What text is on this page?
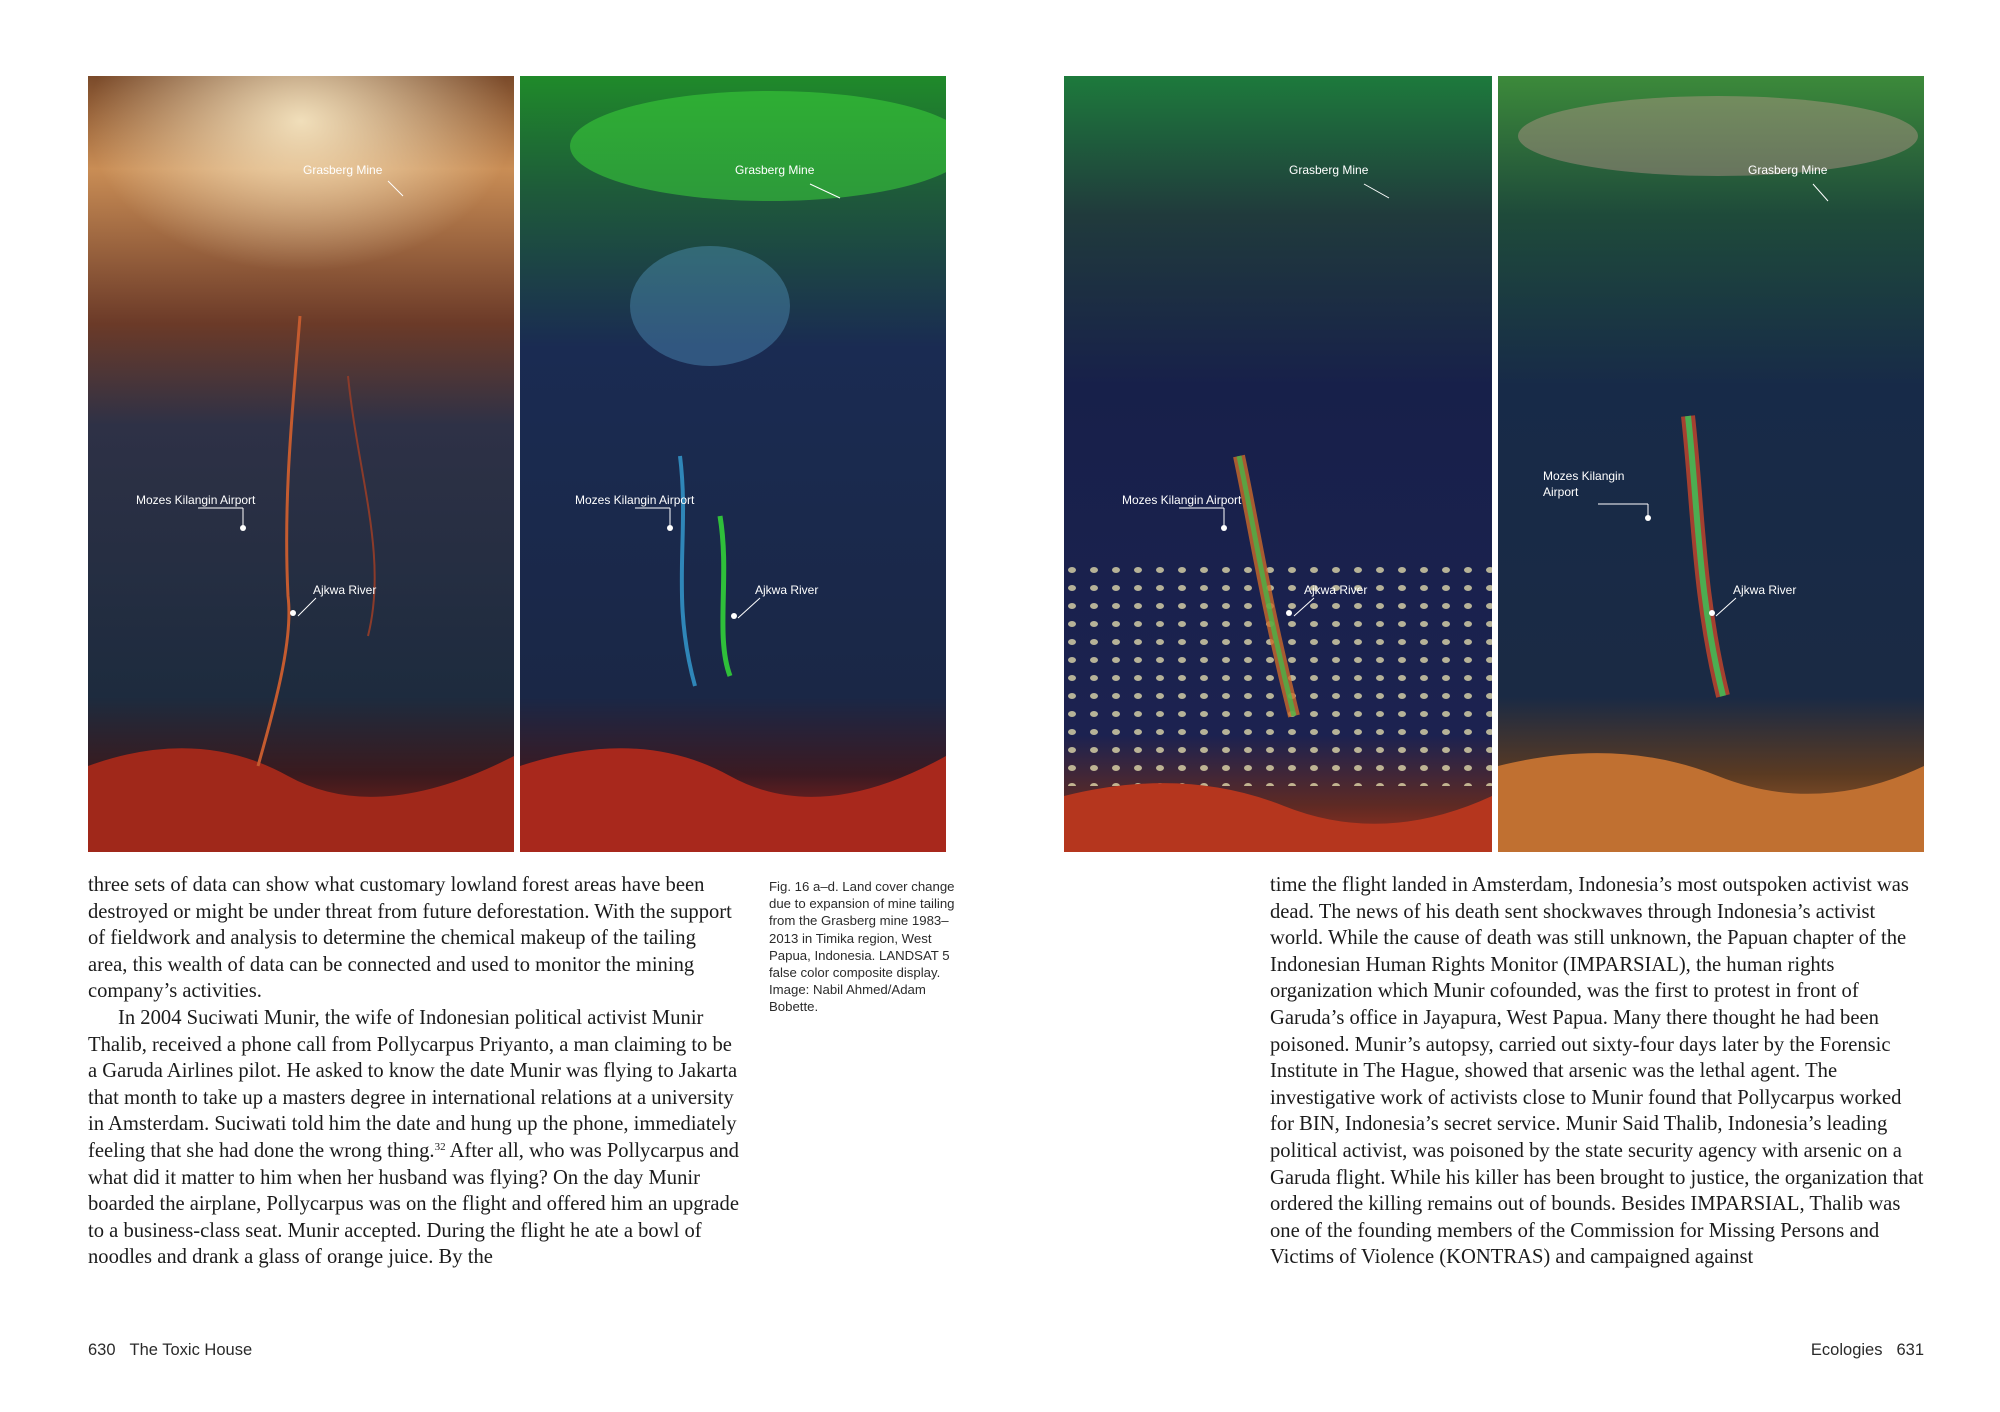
Grasberg Mine
Mozes Kilangin Airport
Ajkwa River
Grasberg Mine
Mozes Kilangin Airport
Ajkwa River
Grasberg Mine
Mozes Kilangin Airport
Ajkwa River
Grasberg Mine
Mozes Kilangin
Airport
Ajkwa River

three sets of data can show what customary lowland forest areas have been destroyed or might be under threat from future deforestation. With the support of fieldwork and analysis to determine the chemical makeup of the tailing area, this wealth of data can be connected and used to monitor the mining company’s activities.

In 2004 Suciwati Munir, the wife of Indonesian political activist Munir Thalib, received a phone call from Pollycarpus Priyanto, a man claiming to be a Garuda Airlines pilot. He asked to know the date Munir was flying to Jakarta that month to take up a masters degree in international relations at a university in Amsterdam. Suciwati told him the date and hung up the phone, immediately feeling that she had done the wrong thing.$^{32}$ After all, who was Pollycarpus and what did it matter to him when her husband was flying? On the day Munir boarded the airplane, Pollycarpus was on the flight and offered him an upgrade to a business-class seat. Munir accepted. During the flight he ate a bowl of noodles and drank a glass of orange juice. By the

Fig. 16 a–d. Land cover change due to expansion of mine tailing from the Grasberg mine 1983–2013 in Timika region, West Papua, Indonesia. LANDSAT 5 false color composite display. Image: Nabil Ahmed/Adam Bobette.

time the flight landed in Amsterdam, Indonesia’s most outspoken activist was dead. The news of his death sent shockwaves through Indonesia’s activist world. While the cause of death was still unknown, the Papuan chapter of the Indonesian Human Rights Monitor (IMPARSIAL), the human rights organization which Munir cofounded, was the first to protest in front of Garuda’s office in Jayapura, West Papua. Many there thought he had been poisoned. Munir’s autopsy, carried out sixty-four days later by the Forensic Institute in The Hague, showed that arsenic was the lethal agent. The investigative work of activists close to Munir found that Pollycarpus worked for BIN, Indonesia’s secret service. Munir Said Thalib, Indonesia’s leading political activist, was poisoned by the state security agency with arsenic on a Garuda flight. While his killer has been brought to justice, the organization that ordered the killing remains out of bounds. Besides IMPARSIAL, Thalib was one of the founding members of the Commission for Missing Persons and Victims of Violence (KONTRAS) and campaigned against

630 The Toxic House	Ecologies 631
